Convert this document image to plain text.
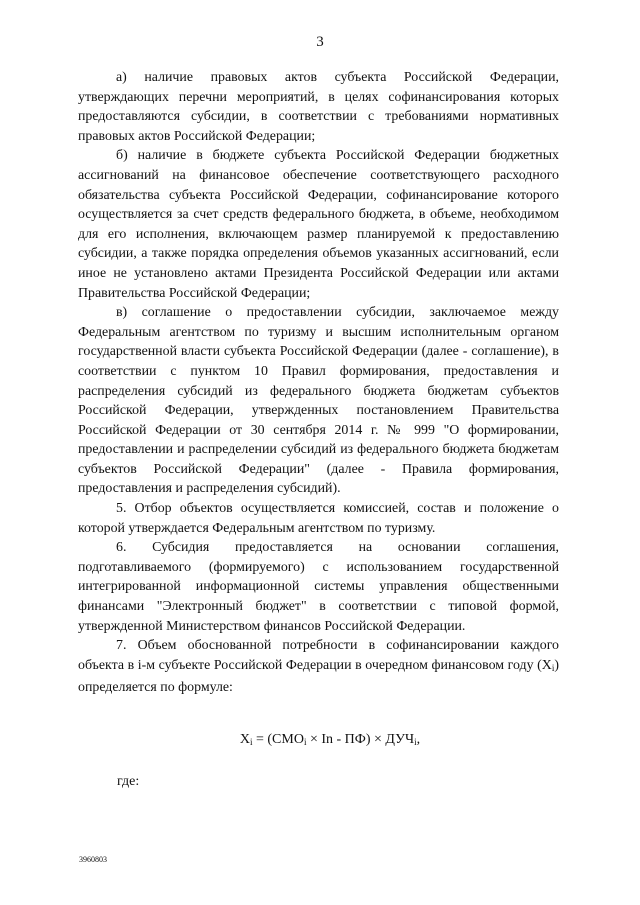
3

а) наличие правовых актов субъекта Российской Федерации, утверждающих перечни мероприятий, в целях софинансирования которых предоставляются субсидии, в соответствии с требованиями нормативных правовых актов Российской Федерации;

б) наличие в бюджете субъекта Российской Федерации бюджетных ассигнований на финансовое обеспечение соответствующего расходного обязательства субъекта Российской Федерации, софинансирование которого осуществляется за счет средств федерального бюджета, в объеме, необходимом для его исполнения, включающем размер планируемой к предоставлению субсидии, а также порядка определения объемов указанных ассигнований, если иное не установлено актами Президента Российской Федерации или актами Правительства Российской Федерации;

в) соглашение о предоставлении субсидии, заключаемое между Федеральным агентством по туризму и высшим исполнительным органом государственной власти субъекта Российской Федерации (далее - соглашение), в соответствии с пунктом 10 Правил формирования, предоставления и распределения субсидий из федерального бюджета бюджетам субъектов Российской Федерации, утвержденных постановлением Правительства Российской Федерации от 30 сентября 2014 г. № 999 "О формировании, предоставлении и распределении субсидий из федерального бюджета бюджетам субъектов Российской Федерации" (далее - Правила формирования, предоставления и распределения субсидий).

5. Отбор объектов осуществляется комиссией, состав и положение о которой утверждается Федеральным агентством по туризму.

6. Субсидия предоставляется на основании соглашения, подготавливаемого (формируемого) с использованием государственной интегрированной информационной системы управления общественными финансами "Электронный бюджет" в соответствии с типовой формой, утвержденной Министерством финансов Российской Федерации.

7. Объем обоснованной потребности в софинансировании каждого объекта в i-м субъекте Российской Федерации в очередном финансовом году $(X_i)$ определяется по формуле:

$X_i = (СМО_i \times In - ПФ) \times ДУЧ_i$,
где:
3960803
